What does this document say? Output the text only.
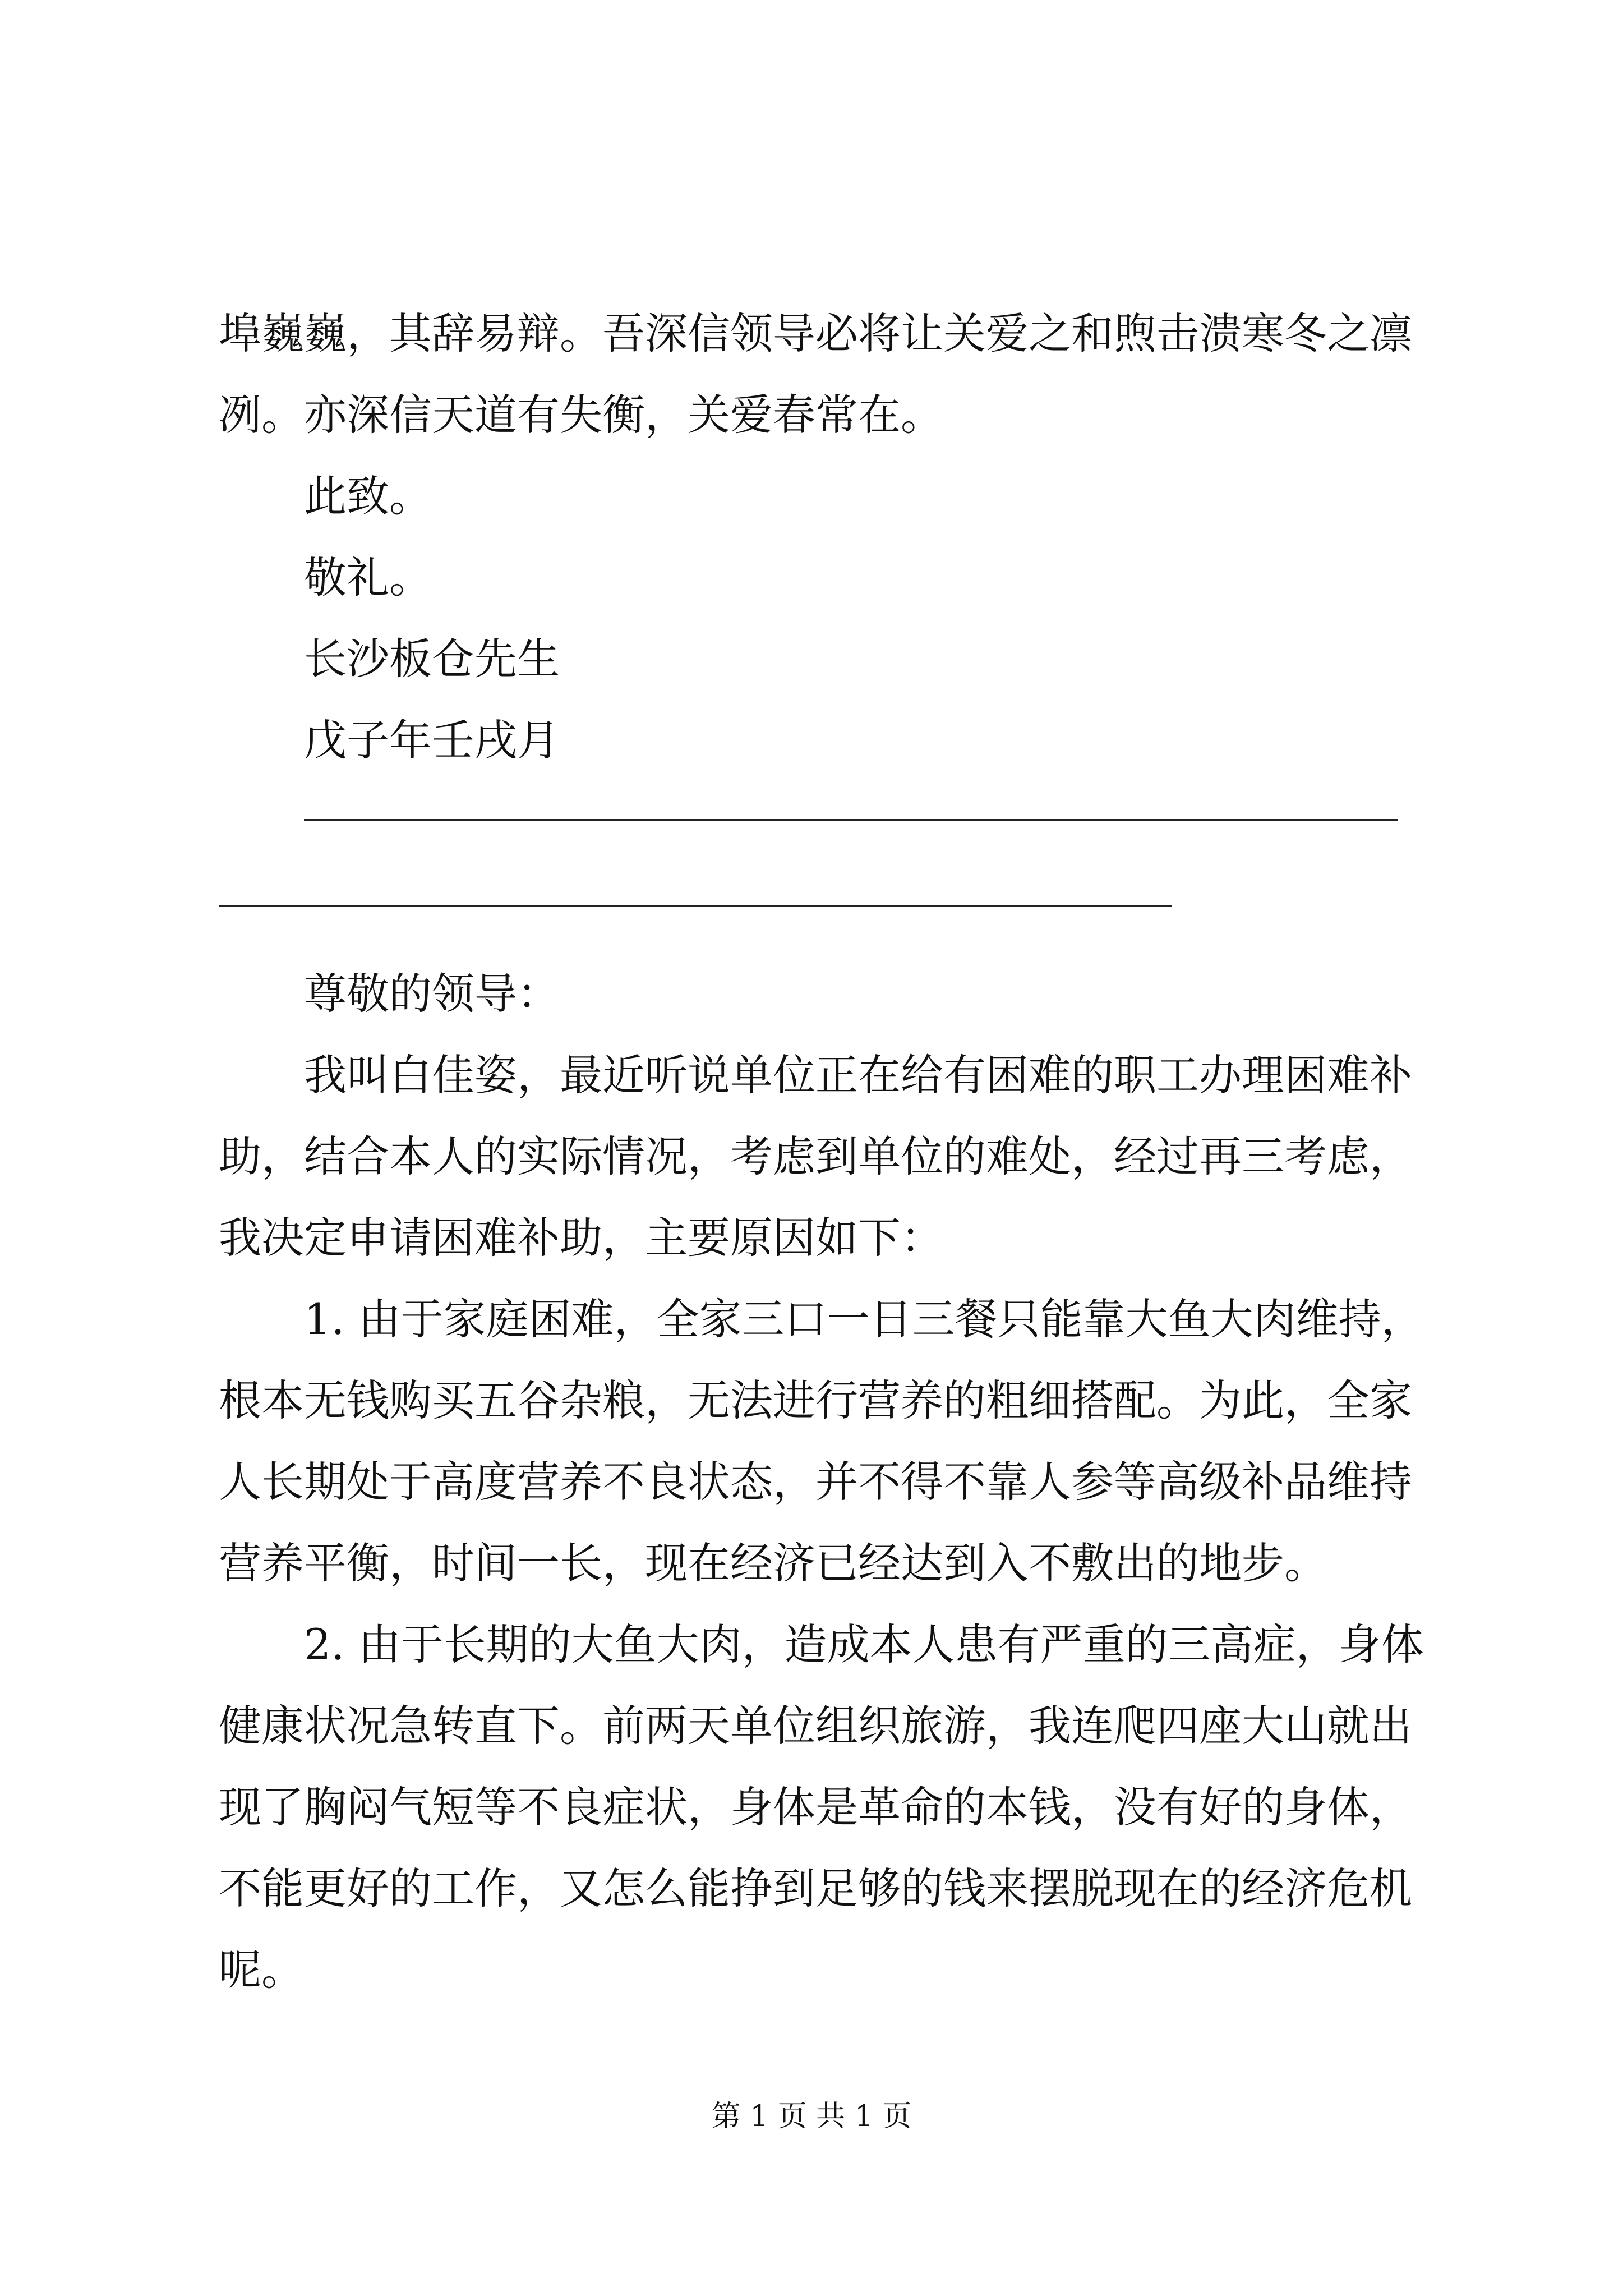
埠巍巍，其辞易辩。吾深信领导必将让关爱之和煦击溃寒冬之凛
冽。亦深信天道有失衡，关爱春常在。
此致。
敬礼。
长沙板仓先生
戊子年壬戌月
尊敬的领导：
我叫白佳姿，最近听说单位正在给有困难的职工办理困难补
助，结合本人的实际情况，考虑到单位的难处，经过再三考虑，
我决定申请困难补助，主要原因如下：
1. 由于家庭困难，全家三口一日三餐只能靠大鱼大肉维持，
根本无钱购买五谷杂粮，无法进行营养的粗细搭配。为此，全家
人长期处于高度营养不良状态，并不得不靠人参等高级补品维持
营养平衡，时间一长，现在经济已经达到入不敷出的地步。
2. 由于长期的大鱼大肉，造成本人患有严重的三高症，身体
健康状况急转直下。前两天单位组织旅游，我连爬四座大山就出
现了胸闷气短等不良症状，身体是革命的本钱，没有好的身体，
不能更好的工作，又怎么能挣到足够的钱来摆脱现在的经济危机
呢。
第 1 页 共 1 页
